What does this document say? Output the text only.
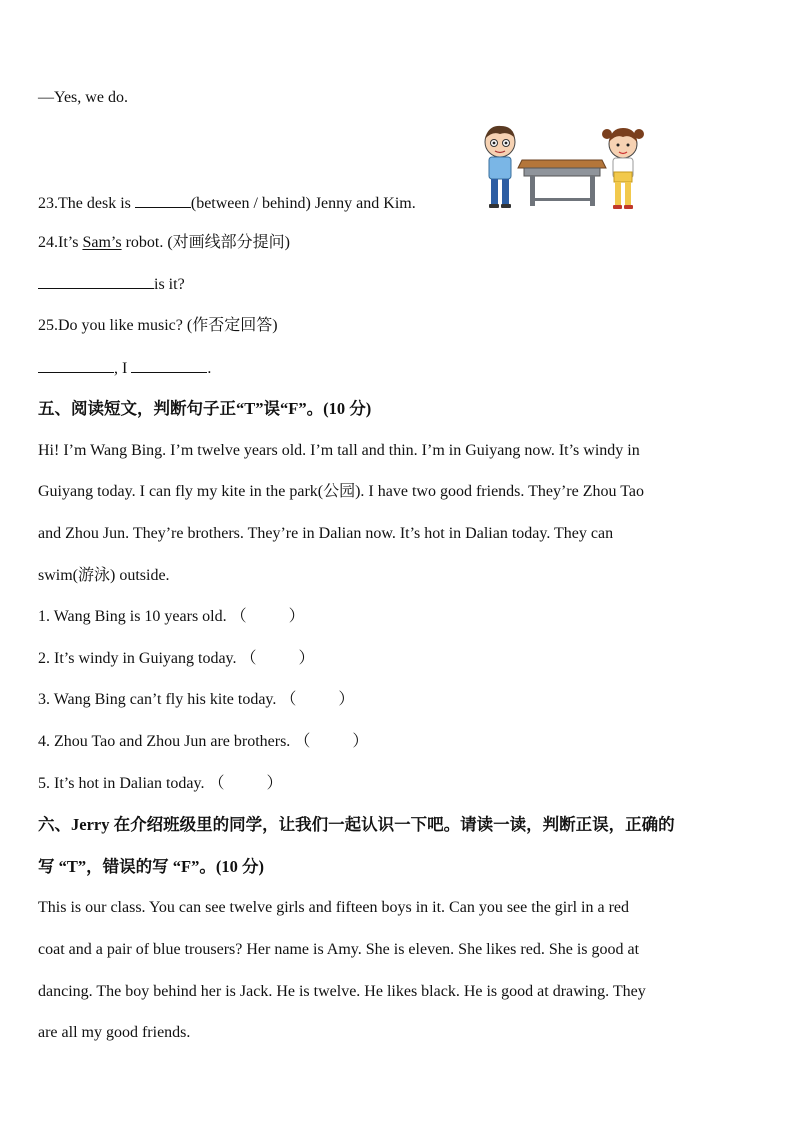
—Yes, we do.
23.The desk is	(between / behind) Jenny and Kim.
24.It’s Sam’s robot. (对画线部分提问)
is it?
25.Do you like music? (作否定回答)
, I	.
五、阅读短文，判断句子正“T”误“F”。(10 分)
Hi! I’m Wang Bing. I’m twelve years old. I’m tall and thin. I’m in Guiyang now. It’s windy in
Guiyang today. I can fly my kite in the park(公园). I have two good friends. They’re Zhou Tao
and Zhou Jun. They’re brothers. They’re in Dalian now. It’s hot in Dalian today. They can
swim(游泳) outside.
1. Wang Bing is 10 years old. （	）
2. It’s windy in Guiyang today. （	）
3. Wang Bing can’t fly his kite today. （	）
4. Zhou Tao and Zhou Jun are brothers. （	）
5. It’s hot in Dalian today. （	）
六、Jerry 在介绍班级里的同学，让我们一起认识一下吧。请读一读，判断正误，正确的
写 “T”，错误的写 “F”。(10 分)
This is our class. You can see twelve girls and fifteen boys in it. Can you see the girl in a red
coat and a pair of blue trousers? Her name is Amy. She is eleven. She likes red. She is good at
dancing. The boy behind her is Jack. He is twelve. He likes black. He is good at drawing. They
are all my good friends.
